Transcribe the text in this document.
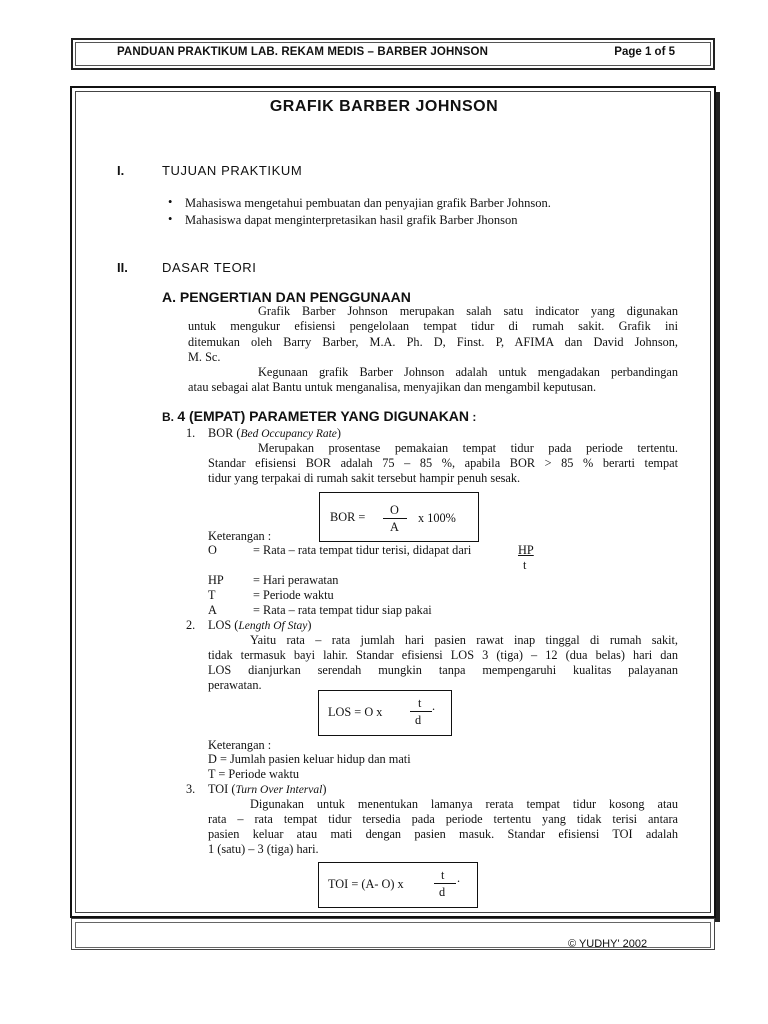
PANDUAN PRAKTIKUM LAB. REKAM MEDIS – BARBER JOHNSON	Page 1 of 5
© YUDHY' 2002
GRAFIK BARBER JOHNSON
I.	TUJUAN PRAKTIKUM
• Mahasiswa mengetahui pembuatan dan penyajian grafik Barber Johnson.
• Mahasiswa dapat menginterpretasikan hasil grafik Barber Jhonson
II.	DASAR TEORI
A. PENGERTIAN DAN PENGGUNAAN
Grafik Barber Johnson merupakan salah satu indicator yang digunakan
untuk mengukur efisiensi pengelolaan tempat tidur di rumah sakit. Grafik ini
ditemukan oleh Barry Barber, M.A. Ph. D, Finst. P, AFIMA dan David Johnson,
M. Sc.
Kegunaan grafik Barber Johnson adalah untuk mengadakan perbandingan
atau sebagai alat Bantu untuk menganalisa, menyajikan dan mengambil keputusan.
B. 4 (EMPAT) PARAMETER YANG DIGUNAKAN :
1. BOR (Bed Occupancy Rate)
Merupakan prosentase pemakaian tempat tidur pada periode tertentu.
Standar efisiensi BOR adalah 75 – 85 %, apabila BOR > 85 % berarti tempat
tidur yang terpakai di rumah sakit tersebut hampir penuh sesak.
BOR = O
A
x 100%
Keterangan :
O	= Rata – rata tempat tidur terisi, didapat dari	HP
t
HP = Hari perawatan
T	= Periode waktu
A	= Rata – rata tempat tidur siap pakai
2. LOS (Length Of Stay)
Yaitu rata – rata jumlah hari pasien rawat inap tinggal di rumah sakit,
tidak termasuk bayi lahir. Standar efisiensi LOS 3 (tiga) – 12 (dua belas) hari dan
LOS dianjurkan serendah mungkin tanpa mempengaruhi kualitas palayanan
perawatan.
LOS = O x
t
d
.
Keterangan :
D = Jumlah pasien keluar hidup dan mati
T = Periode waktu
3. TOI (Turn Over Interval)
Digunakan untuk menentukan lamanya rerata tempat tidur kosong atau
rata – rata tempat tidur tersedia pada periode tertentu yang tidak terisi antara
pasien keluar atau mati dengan pasien masuk. Standar efisiensi TOI adalah
1 (satu) – 3 (tiga) hari.
TOI = (A- O) x
t
d
.
